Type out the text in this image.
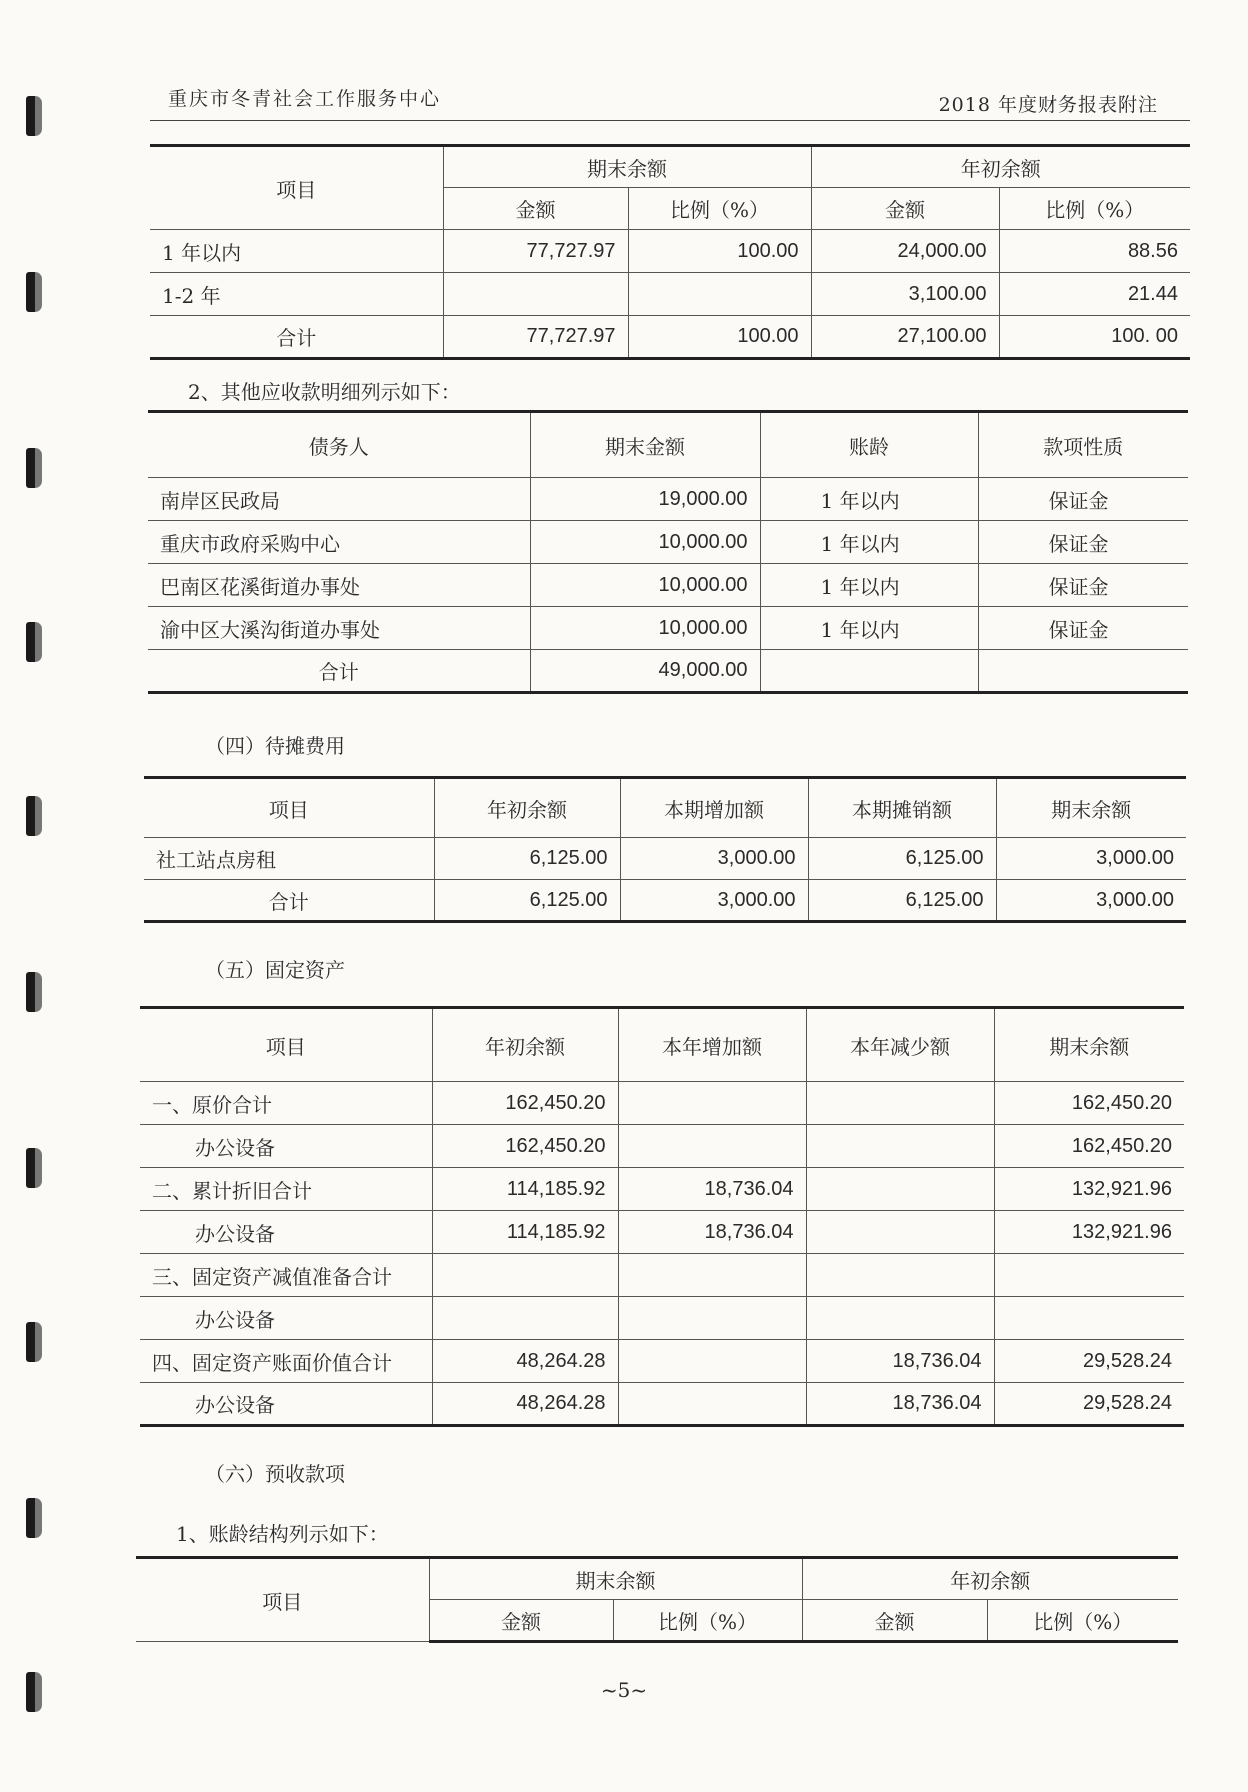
重庆市冬青社会工作服务中心	2018 年度财务报表附注
项目	期末余额		年初余额	
	金额	比例（%）	金额	比例（%）
1 年以内	77,727.97	100.00	24,000.00	88.56
1-2 年			3,100.00	21.44
合计	77,727.97	100.00	27,100.00	100. 00
2、其他应收款明细列示如下：
债务人	期末金额	账龄	款项性质
南岸区民政局	19,000.00	1 年以内	保证金
重庆市政府采购中心	10,000.00	1 年以内	保证金
巴南区花溪街道办事处	10,000.00	1 年以内	保证金
渝中区大溪沟街道办事处	10,000.00	1 年以内	保证金
合计	49,000.00		
（四）待摊费用
项目	年初余额	本期增加额	本期摊销额	期末余额
社工站点房租	6,125.00	3,000.00	6,125.00	3,000.00
合计	6,125.00	3,000.00	6,125.00	3,000.00
（五）固定资产
项目	年初余额	本年增加额	本年减少额	期末余额
一、原价合计	162,450.20			162,450.20
办公设备	162,450.20			162,450.20
二、累计折旧合计	114,185.92	18,736.04		132,921.96
办公设备	114,185.92	18,736.04		132,921.96
三、固定资产减值准备合计				
办公设备				
四、固定资产账面价值合计	48,264.28		18,736.04	29,528.24
办公设备	48,264.28		18,736.04	29,528.24
（六）预收款项
1、账龄结构列示如下：
项目	期末余额		年初余额	
	金额	比例（%）	金额	比例（%）
~5~
